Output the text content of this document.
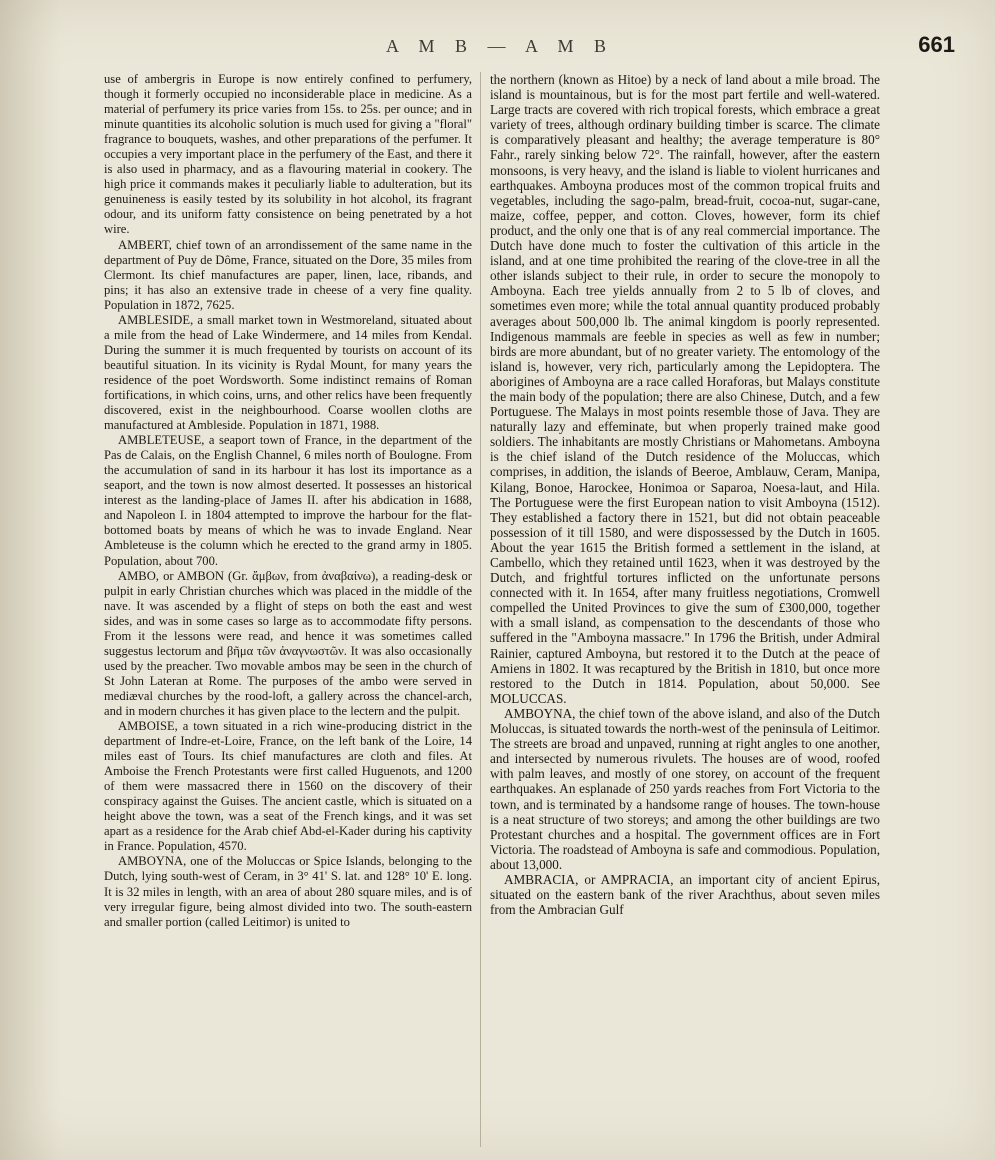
A M B — A M B	661

use of ambergris in Europe is now entirely confined to perfumery, though it formerly occupied no inconsiderable place in medicine. As a material of perfumery its price varies from 15s. to 25s. per ounce; and in minute quantities its alcoholic solution is much used for giving a "floral" fragrance to bouquets, washes, and other preparations of the perfumer. It occupies a very important place in the perfumery of the East, and there it is also used in pharmacy, and as a flavouring material in cookery. The high price it commands makes it peculiarly liable to adulteration, but its genuineness is easily tested by its solubility in hot alcohol, its fragrant odour, and its uniform fatty consistence on being penetrated by a hot wire.

AMBERT, chief town of an arrondissement of the same name in the department of Puy de Dôme, France, situated on the Dore, 35 miles from Clermont. Its chief manufactures are paper, linen, lace, ribands, and pins; it has also an extensive trade in cheese of a very fine quality. Population in 1872, 7625.

AMBLESIDE, a small market town in Westmoreland, situated about a mile from the head of Lake Windermere, and 14 miles from Kendal. During the summer it is much frequented by tourists on account of its beautiful situation. In its vicinity is Rydal Mount, for many years the residence of the poet Wordsworth. Some indistinct remains of Roman fortifications, in which coins, urns, and other relics have been frequently discovered, exist in the neighbourhood. Coarse woollen cloths are manufactured at Ambleside. Population in 1871, 1988.

AMBLETEUSE, a seaport town of France, in the department of the Pas de Calais, on the English Channel, 6 miles north of Boulogne. From the accumulation of sand in its harbour it has lost its importance as a seaport, and the town is now almost deserted. It possesses an historical interest as the landing-place of James II. after his abdication in 1688, and Napoleon I. in 1804 attempted to improve the harbour for the flat-bottomed boats by means of which he was to invade England. Near Ambleteuse is the column which he erected to the grand army in 1805. Population, about 700.

AMBO, or AMBON (Gr. ἄμβων, from ἀναβαίνω), a reading-desk or pulpit in early Christian churches which was placed in the middle of the nave. It was ascended by a flight of steps on both the east and west sides, and was in some cases so large as to accommodate fifty persons. From it the lessons were read, and hence it was sometimes called suggestus lectorum and βῆμα τῶν ἀναγνωστῶν. It was also occasionally used by the preacher. Two movable ambos may be seen in the church of St John Lateran at Rome. The purposes of the ambo were served in mediæval churches by the rood-loft, a gallery across the chancel-arch, and in modern churches it has given place to the lectern and the pulpit.

AMBOISE, a town situated in a rich wine-producing district in the department of Indre-et-Loire, France, on the left bank of the Loire, 14 miles east of Tours. Its chief manufactures are cloth and files. At Amboise the French Protestants were first called Huguenots, and 1200 of them were massacred there in 1560 on the discovery of their conspiracy against the Guises. The ancient castle, which is situated on a height above the town, was a seat of the French kings, and it was set apart as a residence for the Arab chief Abd-el-Kader during his captivity in France. Population, 4570.

AMBOYNA, one of the Moluccas or Spice Islands, belonging to the Dutch, lying south-west of Ceram, in 3° 41' S. lat. and 128° 10' E. long. It is 32 miles in length, with an area of about 280 square miles, and is of very irregular figure, being almost divided into two. The south-eastern and smaller portion (called Leitimor) is united to

the northern (known as Hitoe) by a neck of land about a mile broad. The island is mountainous, but is for the most part fertile and well-watered. Large tracts are covered with rich tropical forests, which embrace a great variety of trees, although ordinary building timber is scarce. The climate is comparatively pleasant and healthy; the average temperature is 80° Fahr., rarely sinking below 72°. The rainfall, however, after the eastern monsoons, is very heavy, and the island is liable to violent hurricanes and earthquakes. Amboyna produces most of the common tropical fruits and vegetables, including the sago-palm, bread-fruit, cocoa-nut, sugar-cane, maize, coffee, pepper, and cotton. Cloves, however, form its chief product, and the only one that is of any real commercial importance. The Dutch have done much to foster the cultivation of this article in the island, and at one time prohibited the rearing of the clove-tree in all the other islands subject to their rule, in order to secure the monopoly to Amboyna. Each tree yields annually from 2 to 5 lb of cloves, and sometimes even more; while the total annual quantity produced probably averages about 500,000 lb. The animal kingdom is poorly represented. Indigenous mammals are feeble in species as well as few in number; birds are more abundant, but of no greater variety. The entomology of the island is, however, very rich, particularly among the Lepidoptera. The aborigines of Amboyna are a race called Horaforas, but Malays constitute the main body of the population; there are also Chinese, Dutch, and a few Portuguese. The Malays in most points resemble those of Java. They are naturally lazy and effeminate, but when properly trained make good soldiers. The inhabitants are mostly Christians or Mahometans. Amboyna is the chief island of the Dutch residence of the Moluccas, which comprises, in addition, the islands of Beeroe, Amblauw, Ceram, Manipa, Kilang, Bonoe, Harockee, Honimoa or Saparoa, Noesa-laut, and Hila. The Portuguese were the first European nation to visit Amboyna (1512). They established a factory there in 1521, but did not obtain peaceable possession of it till 1580, and were dispossessed by the Dutch in 1605. About the year 1615 the British formed a settlement in the island, at Cambello, which they retained until 1623, when it was destroyed by the Dutch, and frightful tortures inflicted on the unfortunate persons connected with it. In 1654, after many fruitless negotiations, Cromwell compelled the United Provinces to give the sum of £300,000, together with a small island, as compensation to the descendants of those who suffered in the "Amboyna massacre." In 1796 the British, under Admiral Rainier, captured Amboyna, but restored it to the Dutch at the peace of Amiens in 1802. It was recaptured by the British in 1810, but once more restored to the Dutch in 1814. Population, about 50,000. See MOLUCCAS.

AMBOYNA, the chief town of the above island, and also of the Dutch Moluccas, is situated towards the north-west of the peninsula of Leitimor. The streets are broad and unpaved, running at right angles to one another, and intersected by numerous rivulets. The houses are of wood, roofed with palm leaves, and mostly of one storey, on account of the frequent earthquakes. An esplanade of 250 yards reaches from Fort Victoria to the town, and is terminated by a handsome range of houses. The town-house is a neat structure of two storeys; and among the other buildings are two Protestant churches and a hospital. The government offices are in Fort Victoria. The roadstead of Amboyna is safe and commodious. Population, about 13,000.

AMBRACIA, or AMPRACIA, an important city of ancient Epirus, situated on the eastern bank of the river Arachthus, about seven miles from the Ambracian Gulf
